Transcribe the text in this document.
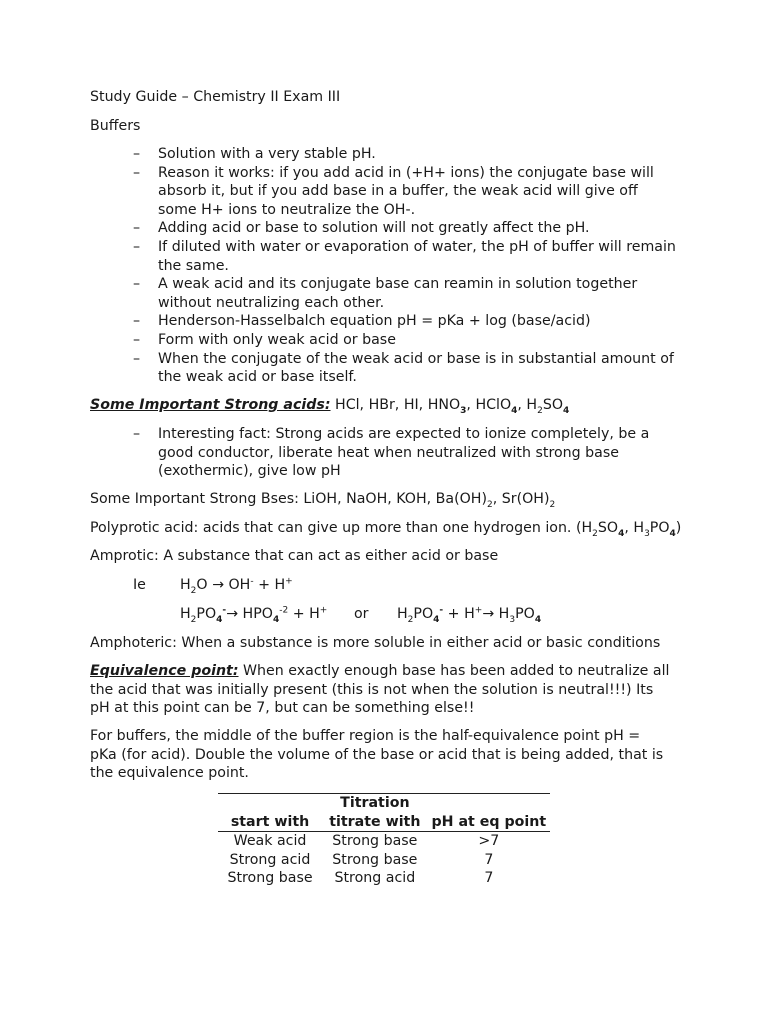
Study Guide – Chemistry II Exam III

Buffers

– Solution with a very stable pH.
– Reason it works: if you add acid in (+H+ ions) the conjugate base will absorb it, but if you add base in a buffer, the weak acid will give off some H+ ions to neutralize the OH-.
– Adding acid or base to solution will not greatly affect the pH.
– If diluted with water or evaporation of water, the pH of buffer will remain the same.
– A weak acid and its conjugate base can reamin in solution together without neutralizing each other.
– Henderson-Hasselbalch equation pH = pKa + log (base/acid)
– Form with only weak acid or base
– When the conjugate of the weak acid or base is in substantial amount of the weak acid or base itself.

Some Important Strong acids: HCl, HBr, HI, $HNO_3$, HClO$_4$, $H_2SO_4$

– Interesting fact: Strong acids are expected to ionize completely, be a good conductor, liberate heat when neutralized with strong base (exothermic), give low pH

Some Important Strong Bses: LiOH, NaOH, KOH, $Ba(OH)_2$, $Sr(OH)_2$

Polyprotic acid: acids that can give up more than one hydrogen ion. ($H_2SO_4$, $H_3PO_4$)

Amprotic: A substance that can act as either acid or base

Ie $H_2O \to OH^- + H^+$
$H_2PO_4^-\to HPO_4^{-2} + H^+$ or $H_2PO_4^- + H^+\to H_3PO_4$

Amphoteric: When a substance is more soluble in either acid or basic conditions

Equivalence point: When exactly enough base has been added to neutralize all the acid that was initially present (this is not when the solution is neutral!!!) Its pH at this point can be 7, but can be something else!!

For buffers, the middle of the buffer region is the half-equivalence point pH = pKa (for acid). Double the volume of the base or acid that is being added, that is the equivalence point.

	Titration	
start with	titrate with	pH at eq point
Weak acid	Strong base	>7
Strong acid	Strong base	7
Strong base	Strong acid	7
